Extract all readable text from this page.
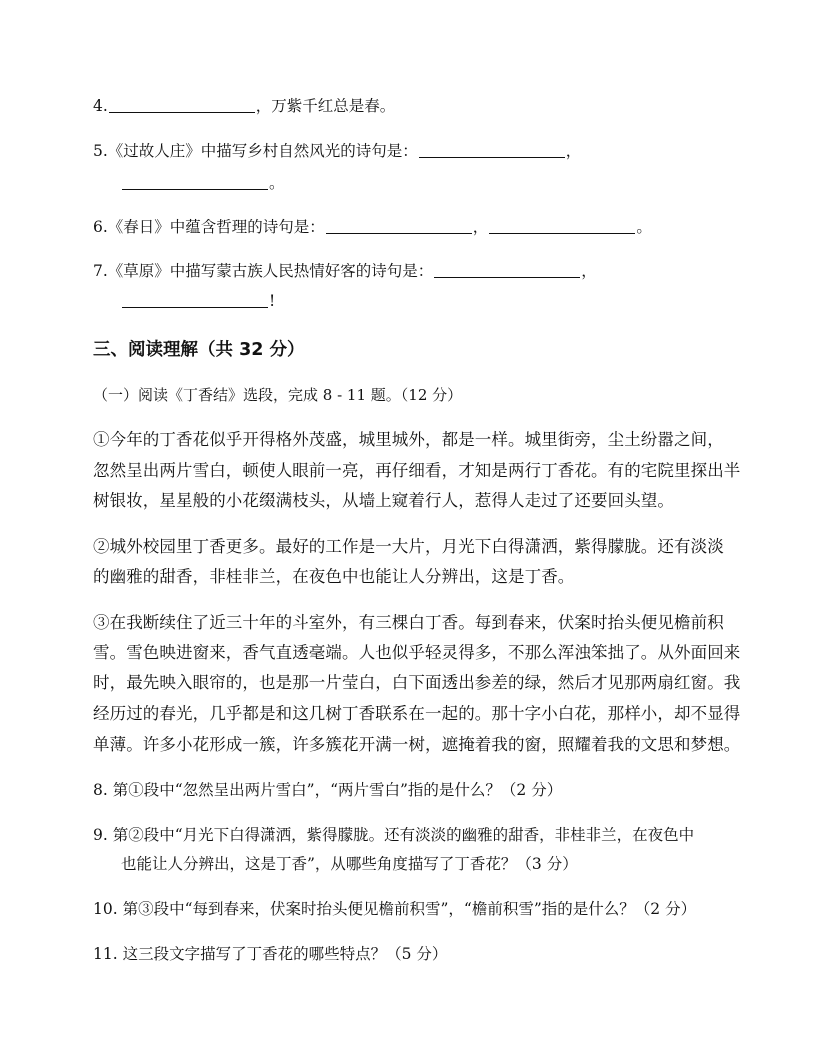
4.	，万紫千红总是春。
5.《过故人庄》中描写乡村自然风光的诗句是：	，
。
6.《春日》中蕴含哲理的诗句是：	，	。
7.《草原》中描写蒙古族人民热情好客的诗句是：	，
!
三、阅读理解（共 32 分）
（一）阅读《丁香结》选段，完成 8 - 11 题。（12 分）
①今年的丁香花似乎开得格外茂盛，城里城外，都是一样。城里街旁，尘土纷嚣之间，
忽然呈出两片雪白，顿使人眼前一亮，再仔细看，才知是两行丁香花。有的宅院里探出半
树银妆，星星般的小花缀满枝头，从墙上窥着行人，惹得人走过了还要回头望。
②城外校园里丁香更多。最好的工作是一大片，月光下白得潇洒，紫得朦胧。还有淡淡
的幽雅的甜香，非桂非兰，在夜色中也能让人分辨出，这是丁香。
③在我断续住了近三十年的斗室外，有三棵白丁香。每到春来，伏案时抬头便见檐前积
雪。雪色映进窗来，香气直透毫端。人也似乎轻灵得多，不那么浑浊笨拙了。从外面回来
时，最先映入眼帘的，也是那一片莹白，白下面透出参差的绿，然后才见那两扇红窗。我
经历过的春光，几乎都是和这几树丁香联系在一起的。那十字小白花，那样小，却不显得
单薄。许多小花形成一簇，许多簇花开满一树，遮掩着我的窗，照耀着我的文思和梦想。
8. 第①段中“忽然呈出两片雪白”，“两片雪白”指的是什么？（2 分）
9. 第②段中“月光下白得潇洒，紫得朦胧。还有淡淡的幽雅的甜香，非桂非兰，在夜色中
也能让人分辨出，这是丁香”，从哪些角度描写了丁香花？（3 分）
10. 第③段中“每到春来，伏案时抬头便见檐前积雪”，“檐前积雪”指的是什么？（2 分）
11. 这三段文字描写了丁香花的哪些特点？（5 分）
